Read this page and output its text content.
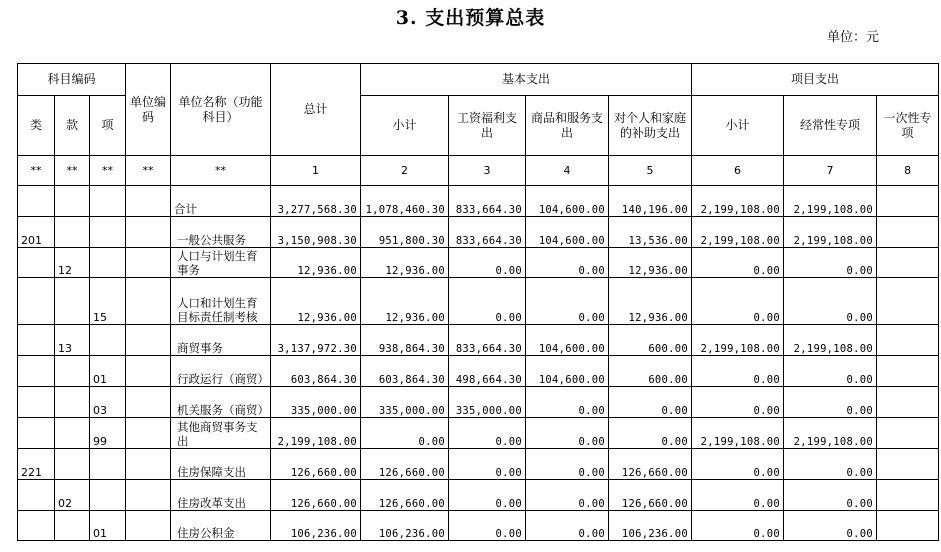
3. 支出预算总表
单位：元
科目编码			单位编码	单位名称（功能科目）	总计	基本支出				项目支出		
类	款	项				小计	工资福利支出	商品和服务支出	对个人和家庭的补助支出	小计	经常性专项	一次性专项
**	**	**	**	**	1	2	3	4	5	6	7	8
				合计	3,277,568.30	1,078,460.30	833,664.30	104,600.00	140,196.00	2,199,108.00	2,199,108.00	
201				一般公共服务	3,150,908.30	951,800.30	833,664.30	104,600.00	13,536.00	2,199,108.00	2,199,108.00	
	12			人口与计划生育事务	12,936.00	12,936.00	0.00	0.00	12,936.00	0.00	0.00	
		15		人口和计划生育目标责任制考核	12,936.00	12,936.00	0.00	0.00	12,936.00	0.00	0.00	
	13			商贸事务	3,137,972.30	938,864.30	833,664.30	104,600.00	600.00	2,199,108.00	2,199,108.00	
		01		行政运行（商贸）	603,864.30	603,864.30	498,664.30	104,600.00	600.00	0.00	0.00	
		03		机关服务（商贸）	335,000.00	335,000.00	335,000.00	0.00	0.00	0.00	0.00	
		99		其他商贸事务支出	2,199,108.00	0.00	0.00	0.00	0.00	2,199,108.00	2,199,108.00	
221				住房保障支出	126,660.00	126,660.00	0.00	0.00	126,660.00	0.00	0.00	
	02			住房改革支出	126,660.00	126,660.00	0.00	0.00	126,660.00	0.00	0.00	
		01		住房公积金	106,236.00	106,236.00	0.00	0.00	106,236.00	0.00	0.00	
